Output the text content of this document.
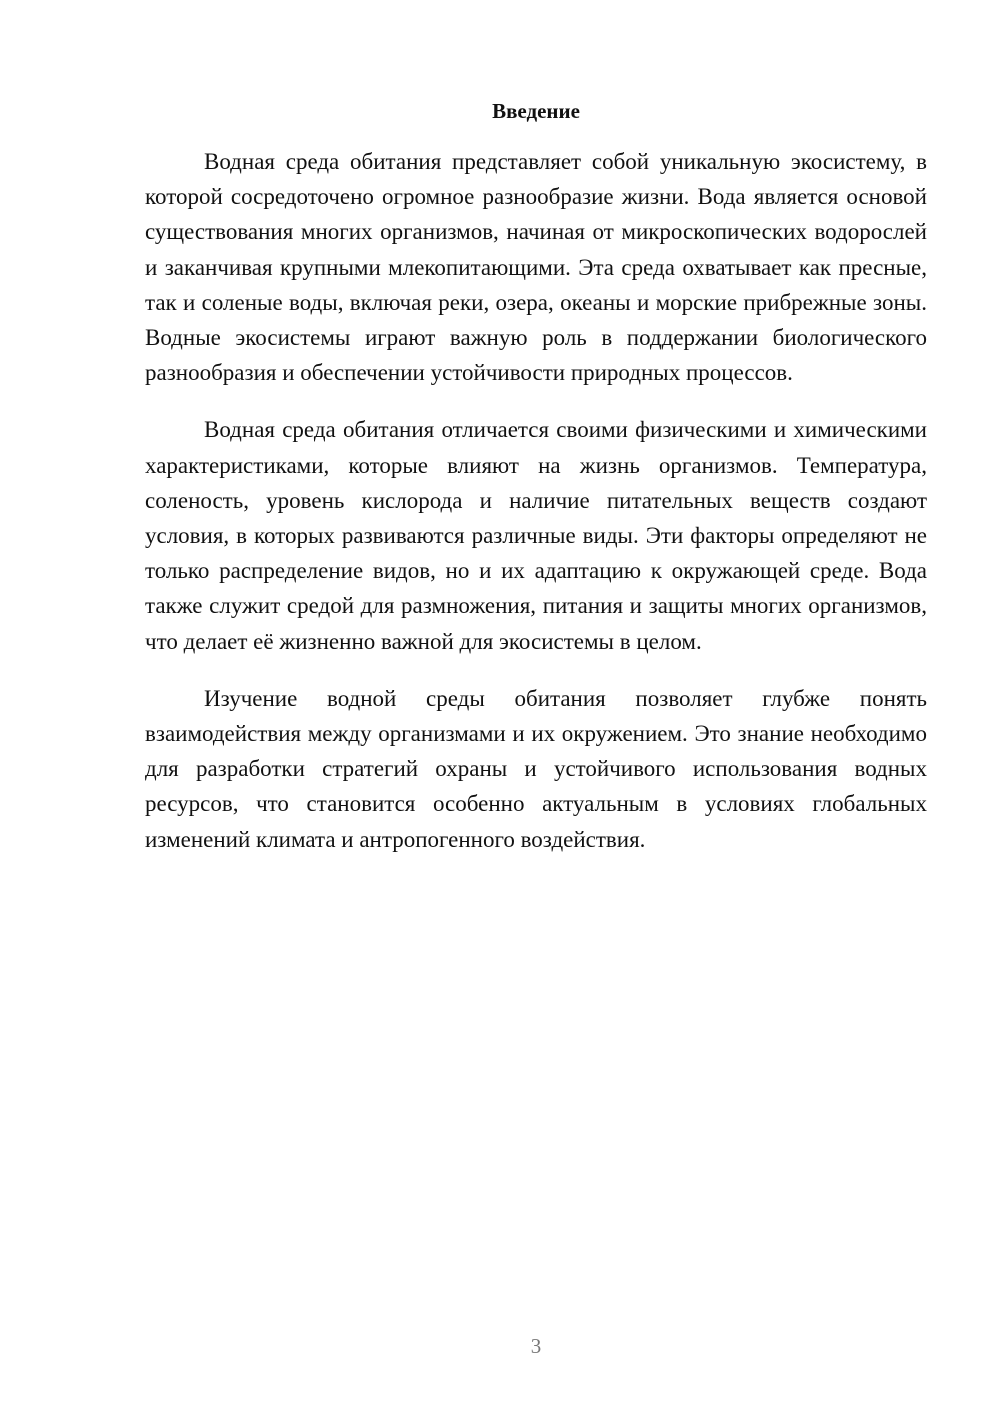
Введение

Водная среда обитания представляет собой уникальную экосистему, в которой сосредоточено огромное разнообразие жизни. Вода является основой существования многих организмов, начиная от микроскопических водорослей и заканчивая крупными млекопитающими. Эта среда охватывает как пресные, так и соленые воды, включая реки, озера, океаны и морские прибрежные зоны. Водные экосистемы играют важную роль в поддержании биологического разнообразия и обеспечении устойчивости природных процессов.

Водная среда обитания отличается своими физическими и химическими характеристиками, которые влияют на жизнь организмов. Температура, соленость, уровень кислорода и наличие питательных веществ создают условия, в которых развиваются различные виды. Эти факторы определяют не только распределение видов, но и их адаптацию к окружающей среде. Вода также служит средой для размножения, питания и защиты многих организмов, что делает её жизненно важной для экосистемы в целом.

Изучение водной среды обитания позволяет глубже понять взаимодействия между организмами и их окружением. Это знание необходимо для разработки стратегий охраны и устойчивого использования водных ресурсов, что становится особенно актуальным в условиях глобальных изменений климата и антропогенного воздействия.

3
